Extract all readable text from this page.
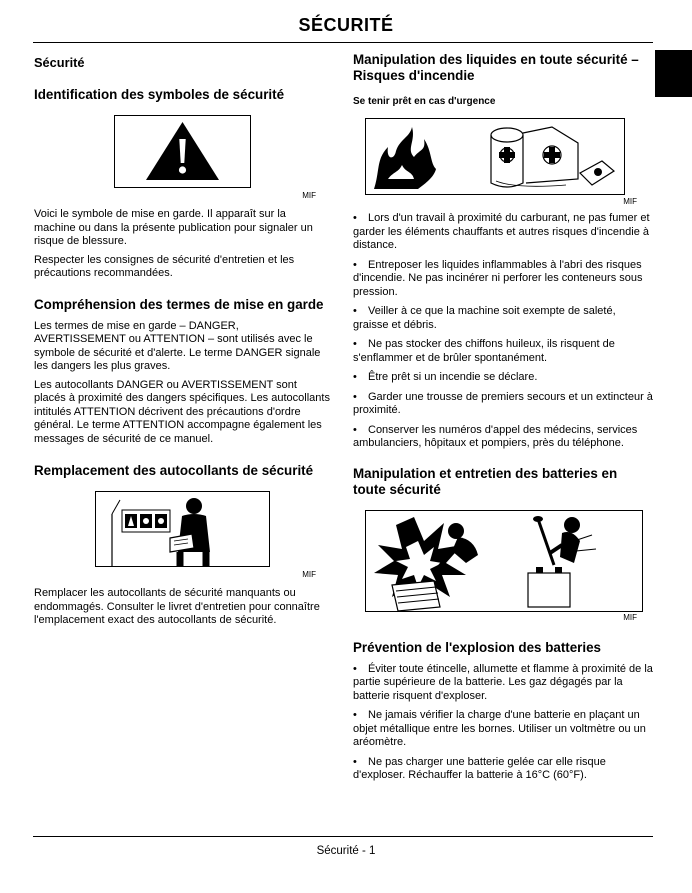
SÉCURITÉ
Sécurité
Identification des symboles de sécurité
MIF

Voici le symbole de mise en garde. Il apparaît sur la machine ou dans la présente publication pour signaler un risque de blessure.

Respecter les consignes de sécurité d'entretien et les précautions recommandées.

Compréhension des termes de mise en garde

Les termes de mise en garde – DANGER, AVERTISSEMENT ou ATTENTION – sont utilisés avec le symbole de sécurité et d'alerte. Le terme DANGER signale les dangers les plus graves.

Les autocollants DANGER ou AVERTISSEMENT sont placés à proximité des dangers spécifiques. Les autocollants intitulés ATTENTION décrivent des précautions d'ordre général. Le terme ATTENTION accompagne également les messages de sécurité de ce manuel.

Remplacement des autocollants de sécurité
MIF

Remplacer les autocollants de sécurité manquants ou endommagés. Consulter le livret d'entretien pour connaître l'emplacement exact des autocollants de sécurité.

Manipulation des liquides en toute sécurité – Risques d'incendie
Se tenir prêt en cas d'urgence
MIF
• Lors d'un travail à proximité du carburant, ne pas fumer et garder les éléments chauffants et autres risques d'incendie à distance.
• Entreposer les liquides inflammables à l'abri des risques d'incendie. Ne pas incinérer ni perforer les conteneurs sous pression.
• Veiller à ce que la machine soit exempte de saleté, graisse et débris.
• Ne pas stocker des chiffons huileux, ils risquent de s'enflammer et de brûler spontanément.
• Être prêt si un incendie se déclare.
• Garder une trousse de premiers secours et un extincteur à proximité.
• Conserver les numéros d'appel des médecins, services ambulanciers, hôpitaux et pompiers, près du téléphone.
Manipulation et entretien des batteries en toute sécurité
MIF
Prévention de l'explosion des batteries
• Éviter toute étincelle, allumette et flamme à proximité de la partie supérieure de la batterie. Les gaz dégagés par la batterie risquent d'exploser.
• Ne jamais vérifier la charge d'une batterie en plaçant un objet métallique entre les bornes. Utiliser un voltmètre ou un aréomètre.
• Ne pas charger une batterie gelée car elle risque d'exploser. Réchauffer la batterie à 16°C (60°F).
Sécurité - 1
